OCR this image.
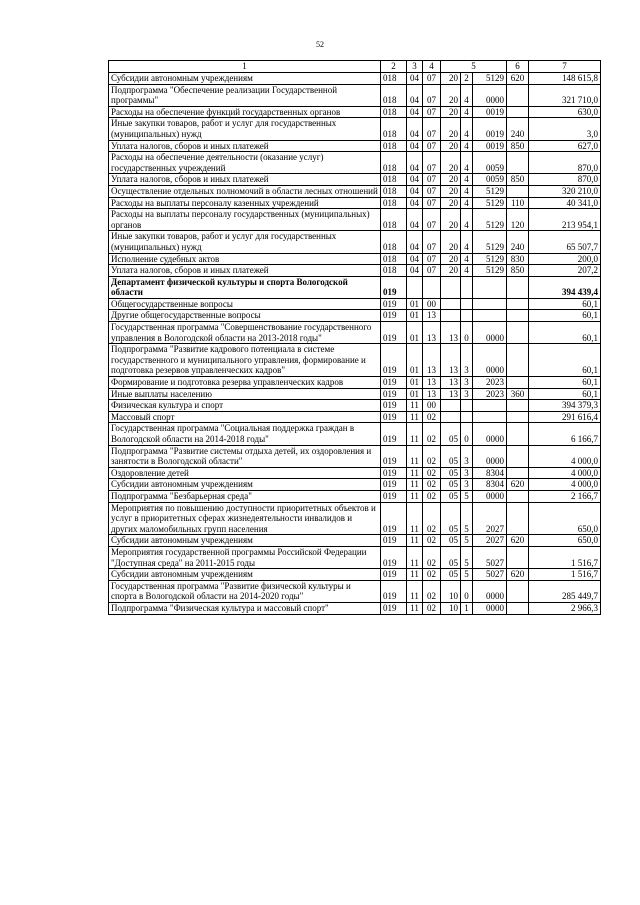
52
1	2	3	4	5			6	7
Субсидии автономным учреждениям	018	04	07	20	2	5129	620	148 615,8
Подпрограмма "Обеспечение реализации Государственной программы"	018	04	07	20	4	0000		321 710,0
Расходы на обеспечение функций государственных органов	018	04	07	20	4	0019		630,0
Иные закупки товаров, работ и услуг для государственных (муниципальных) нужд	018	04	07	20	4	0019	240	3,0
Уплата налогов, сборов и иных платежей	018	04	07	20	4	0019	850	627,0
Расходы на обеспечение деятельности (оказание услуг) государственных учреждений	018	04	07	20	4	0059		870,0
Уплата налогов, сборов и иных платежей	018	04	07	20	4	0059	850	870,0
Осуществление отдельных полномочий в области лесных отношений	018	04	07	20	4	5129		320 210,0
Расходы на выплаты персоналу казенных учреждений	018	04	07	20	4	5129	110	40 341,0
Расходы на выплаты персоналу государственных (муниципальных) органов	018	04	07	20	4	5129	120	213 954,1
Иные закупки товаров, работ и услуг для государственных (муниципальных) нужд	018	04	07	20	4	5129	240	65 507,7
Исполнение судебных актов	018	04	07	20	4	5129	830	200,0
Уплата налогов, сборов и иных платежей	018	04	07	20	4	5129	850	207,2
Департамент физической культуры и спорта Вологодской области	019							394 439,4
Общегосударственные вопросы	019	01	00					60,1
Другие общегосударственные вопросы	019	01	13					60,1
Государственная программа "Совершенствование государственного управления в Вологодской области на 2013-2018 годы"	019	01	13	13	0	0000		60,1
Подпрограмма "Развитие кадрового потенциала в системе государственного и муниципального управления, формирование и подготовка резервов управленческих кадров"	019	01	13	13	3	0000		60,1
Формирование и подготовка резерва управленческих кадров	019	01	13	13	3	2023		60,1
Иные выплаты населению	019	01	13	13	3	2023	360	60,1
Физическая культура и спорт	019	11	00					394 379,3
Массовый спорт	019	11	02					291 616,4
Государственная программа "Социальная поддержка граждан в Вологодской области на 2014-2018 годы"	019	11	02	05	0	0000		6 166,7
Подпрограмма "Развитие системы отдыха детей, их оздоровления и занятости в Вологодской области"	019	11	02	05	3	0000		4 000,0
Оздоровление детей	019	11	02	05	3	8304		4 000,0
Субсидии автономным учреждениям	019	11	02	05	3	8304	620	4 000,0
Подпрограмма "Безбарьерная среда"	019	11	02	05	5	0000		2 166,7
Мероприятия по повышению доступности приоритетных объектов и услуг в приоритетных сферах жизнедеятельности инвалидов и других маломобильных групп населения	019	11	02	05	5	2027		650,0
Субсидии автономным учреждениям	019	11	02	05	5	2027	620	650,0
Мероприятия государственной программы Российской Федерации "Доступная среда" на 2011-2015 годы	019	11	02	05	5	5027		1 516,7
Субсидии автономным учреждениям	019	11	02	05	5	5027	620	1 516,7
Государственная программа "Развитие физической культуры и спорта в Вологодской области на 2014-2020 годы"	019	11	02	10	0	0000		285 449,7
Подпрограмма "Физическая культура и массовый спорт"	019	11	02	10	1	0000		2 966,3
